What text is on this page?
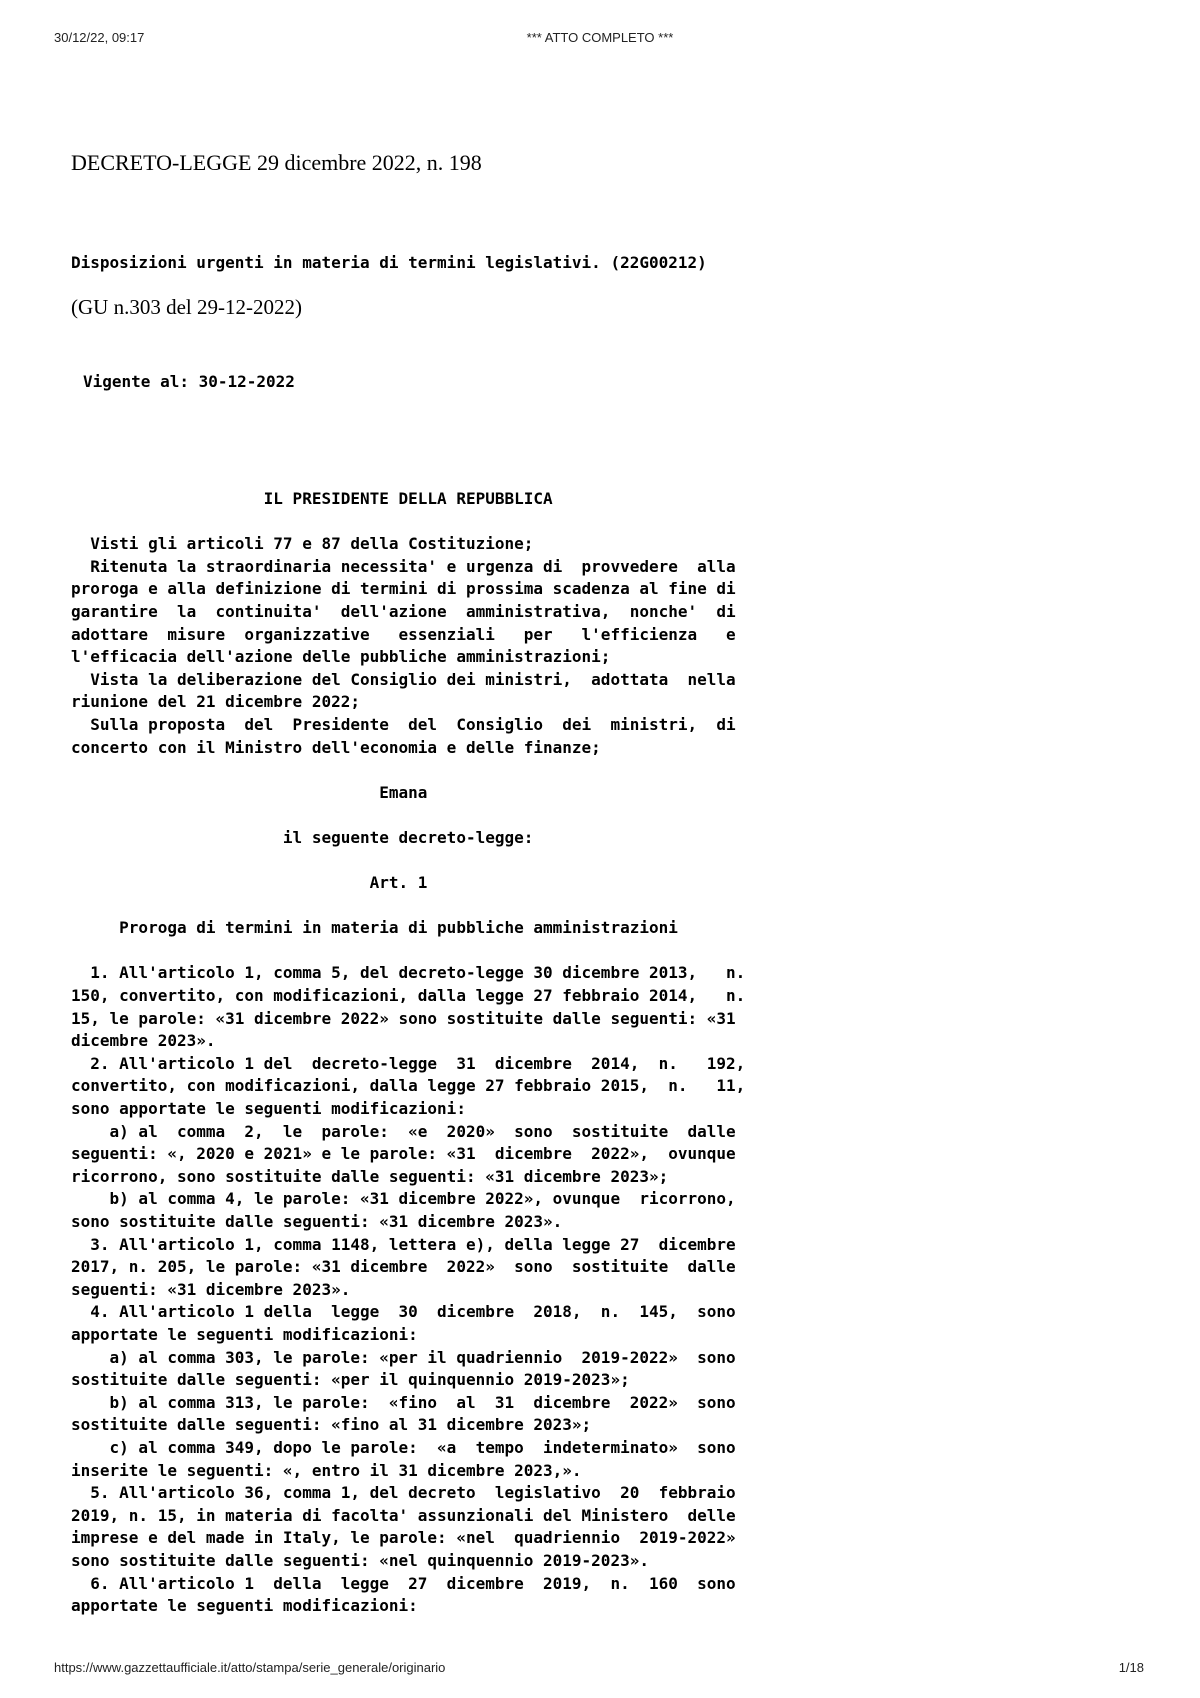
30/12/22, 09:17	*** ATTO COMPLETO ***
DECRETO-LEGGE 29 dicembre 2022, n. 198
Disposizioni urgenti in materia di termini legislativi. (22G00212)
(GU n.303 del 29-12-2022)
Vigente al: 30-12-2022
IL PRESIDENTE DELLA REPUBBLICA
Visti gli articoli 77 e 87 della Costituzione;
Ritenuta la straordinaria necessita' e urgenza di  provvedere  alla
proroga e alla definizione di termini di prossima scadenza al fine di
garantire  la  continuita'  dell'azione  amministrativa,  nonche'  di
adottare  misure  organizzative   essenziali   per   l'efficienza   e
l'efficacia dell'azione delle pubbliche amministrazioni;
Vista la deliberazione del Consiglio dei ministri,  adottata  nella
riunione del 21 dicembre 2022;
Sulla proposta  del  Presidente  del  Consiglio  dei  ministri,  di
concerto con il Ministro dell'economia e delle finanze;
Emana
il seguente decreto-legge:
Art. 1
Proroga di termini in materia di pubbliche amministrazioni
1. All'articolo 1, comma 5, del decreto-legge 30 dicembre 2013,   n.
150, convertito, con modificazioni, dalla legge 27 febbraio 2014,   n.
15, le parole: «31 dicembre 2022» sono sostituite dalle seguenti: «31
dicembre 2023».
2. All'articolo 1 del  decreto-legge  31  dicembre  2014,  n.   192,
convertito, con modificazioni, dalla legge 27 febbraio 2015,  n.   11,
sono apportate le seguenti modificazioni:
a) al  comma  2,  le  parole:  «e  2020»  sono  sostituite  dalle
seguenti: «, 2020 e 2021» e le parole: «31  dicembre  2022»,  ovunque
ricorrono, sono sostituite dalle seguenti: «31 dicembre 2023»;
b) al comma 4, le parole: «31 dicembre 2022», ovunque  ricorrono,
sono sostituite dalle seguenti: «31 dicembre 2023».
3. All'articolo 1, comma 1148, lettera e), della legge 27  dicembre
2017, n. 205, le parole: «31 dicembre  2022»  sono  sostituite  dalle
seguenti: «31 dicembre 2023».
4. All'articolo 1 della  legge  30  dicembre  2018,  n.  145,  sono
apportate le seguenti modificazioni:
a) al comma 303, le parole: «per il quadriennio  2019-2022»  sono
sostituite dalle seguenti: «per il quinquennio 2019-2023»;
b) al comma 313, le parole:  «fino  al  31  dicembre  2022»  sono
sostituite dalle seguenti: «fino al 31 dicembre 2023»;
c) al comma 349, dopo le parole:  «a  tempo  indeterminato»  sono
inserite le seguenti: «, entro il 31 dicembre 2023,».
5. All'articolo 36, comma 1, del decreto  legislativo  20  febbraio
2019, n. 15, in materia di facolta' assunzionali del Ministero  delle
imprese e del made in Italy, le parole: «nel  quadriennio  2019-2022»
sono sostituite dalle seguenti: «nel quinquennio 2019-2023».
6. All'articolo 1  della  legge  27  dicembre  2019,  n.  160  sono
apportate le seguenti modificazioni:
https://www.gazzettaufficiale.it/atto/stampa/serie_generale/originario	1/18
